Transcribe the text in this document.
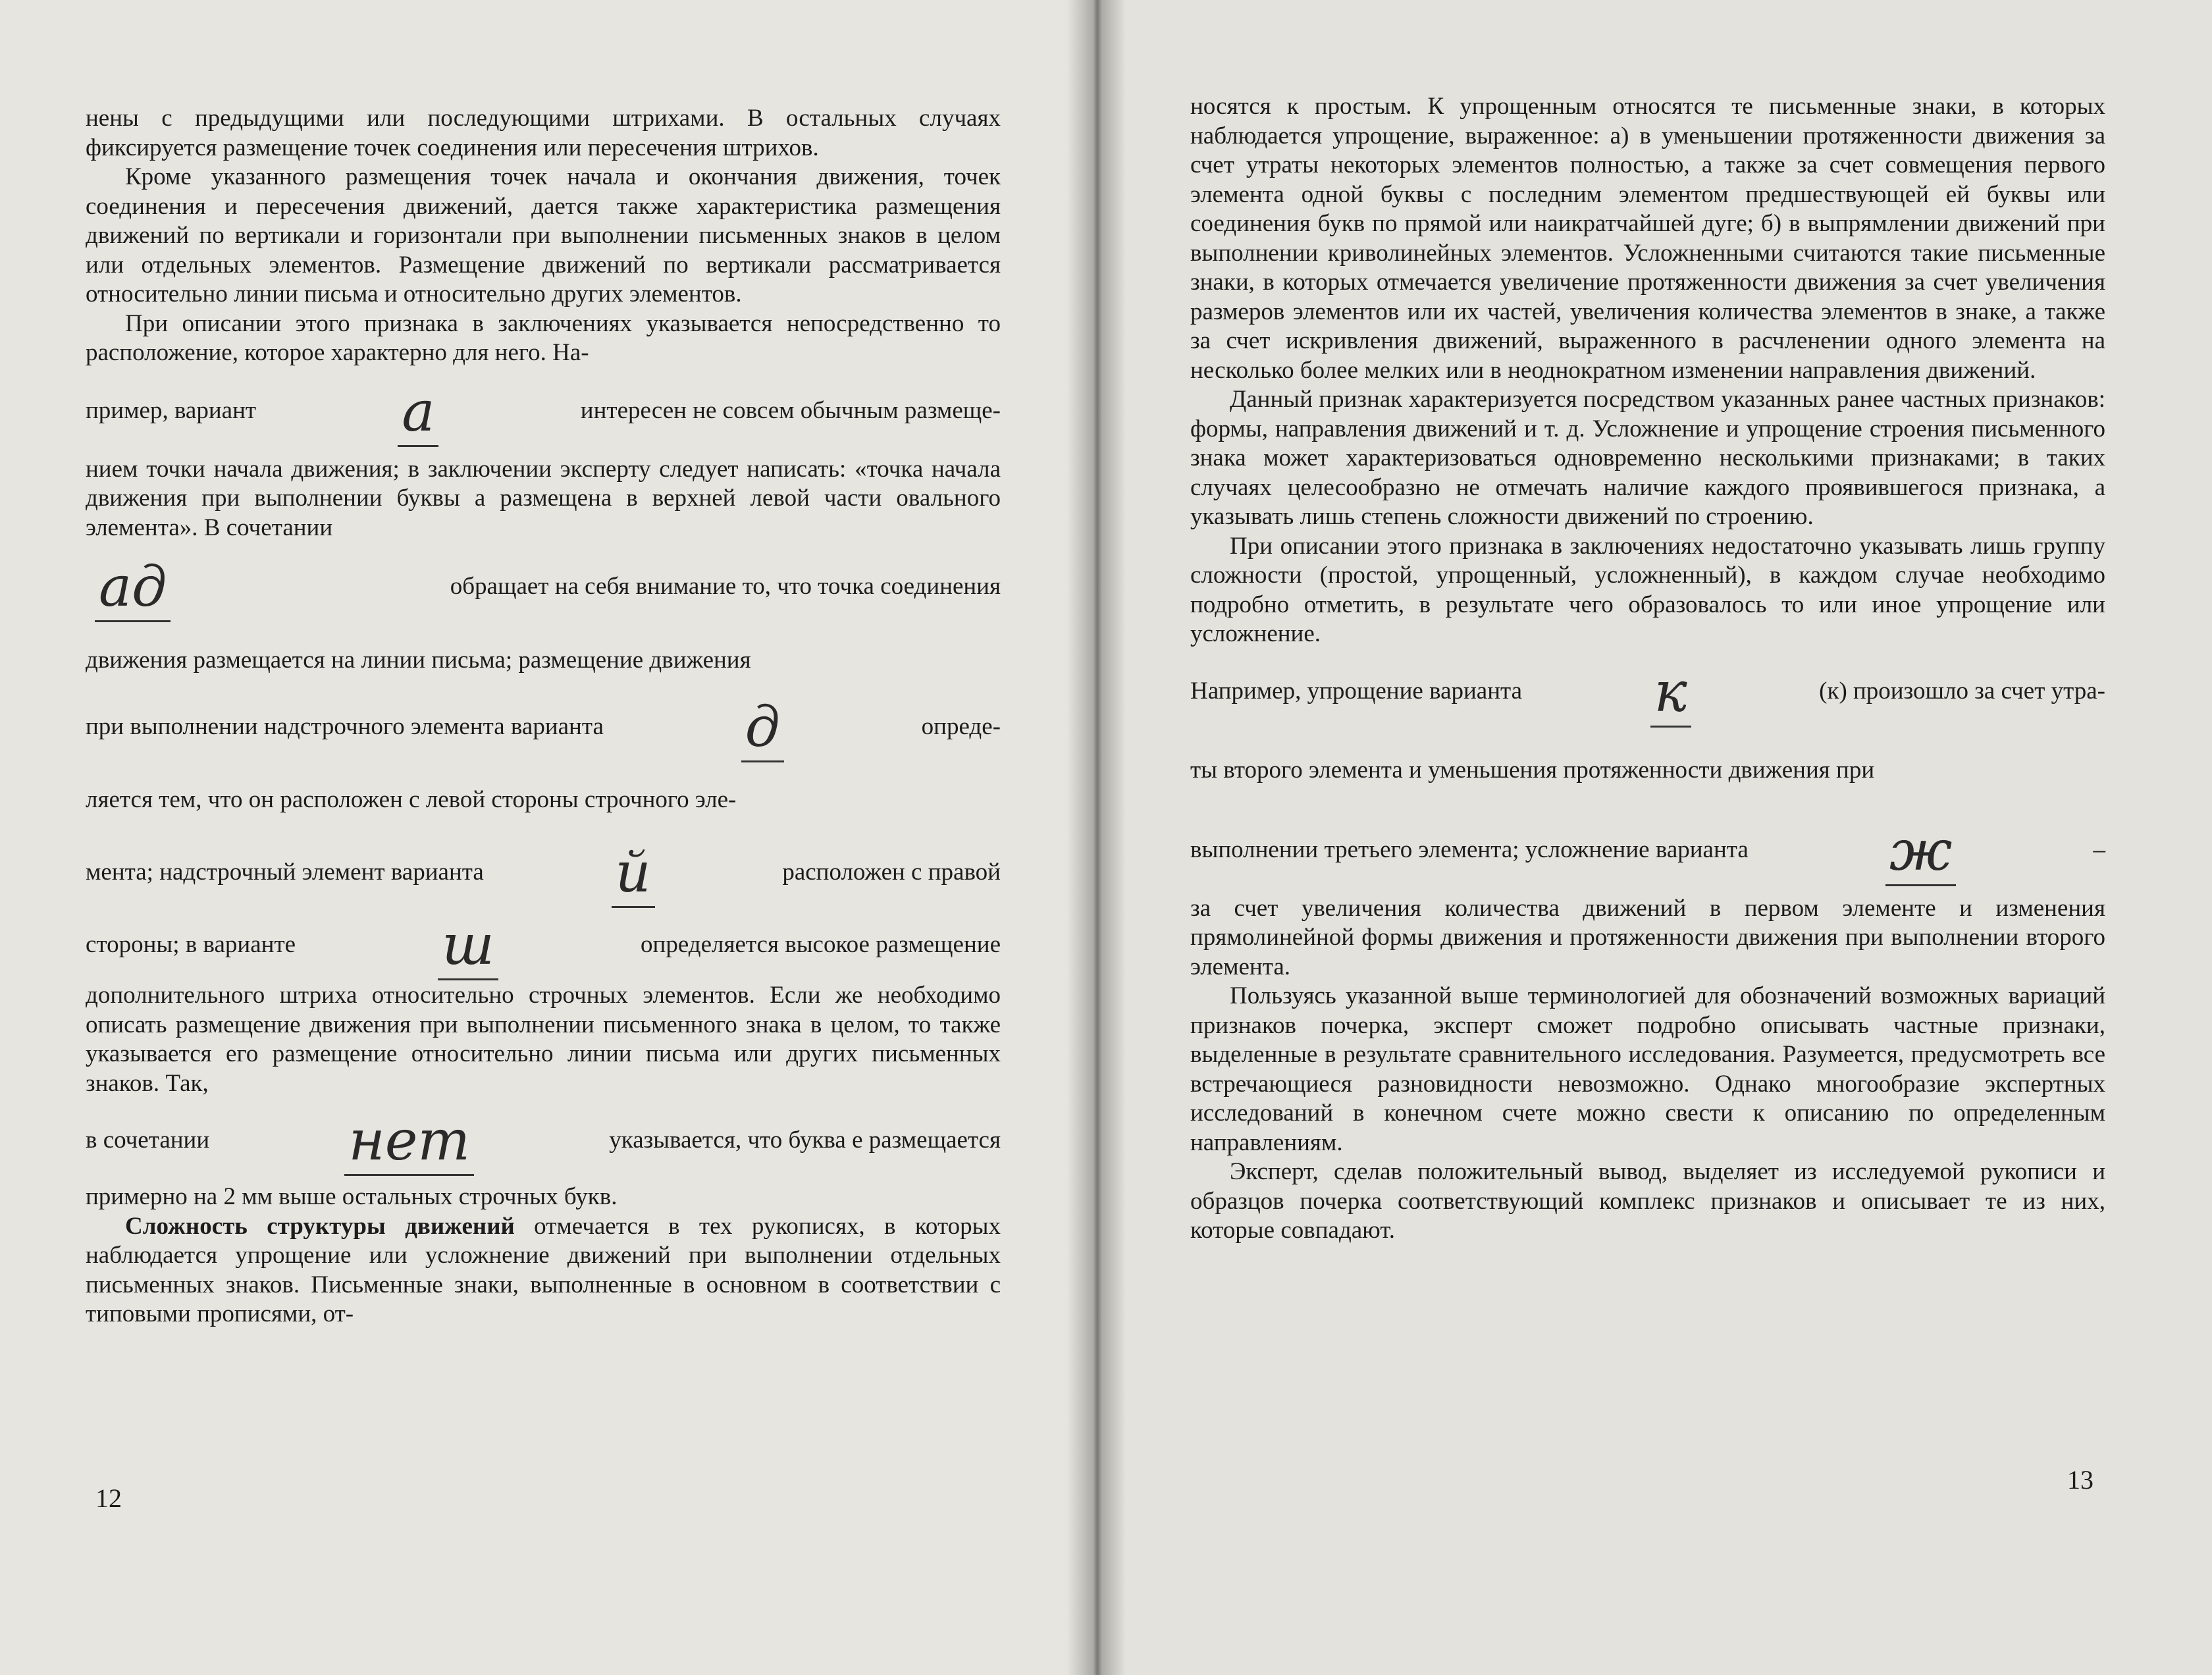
нены с предыдущими или последующими штрихами. В остальных случаях фиксируется размещение точек соединения или пересечения штрихов.

Кроме указанного размещения точек начала и окончания движения, точек соединения и пересечения движений, дается также характеристика размещения движений по вертикали и горизонтали при выполнении письменных знаков в целом или отдельных элементов. Размещение движений по вертикали рассматривается относительно линии письма и относительно других элементов.

При описании этого признака в заключениях указывается непосредственно то расположение, которое характерно для него. На-

пример, вариант	a	интересен не совсем обычным размеще-

нием точки начала движения; в заключении эксперту следует написать: «точка начала движения при выполнении буквы а размещена в верхней левой части овального элемента». В сочетании

ад	обращает на себя внимание то, что точка соединения
движения размещается на линии письма; размещение движения
при выполнении надстрочного элемента варианта	д	опреде-
ляется тем, что он расположен с левой стороны строчного эле-
мента; надстрочный элемент варианта й	расположен с правой
стороны; в варианте	ш	определяется высокое размещение

дополнительного штриха относительно строчных элементов. Если же необходимо описать размещение движения при выполнении письменного знака в целом, то также указывается его размещение относительно линии письма или других письменных знаков. Так,

в сочетании	нет	указывается, что буква е размещается

примерно на 2 мм выше остальных строчных букв.

Сложность структуры движений отмечается в тех рукописях, в которых наблюдается упрощение или усложнение движений при выполнении отдельных письменных знаков. Письменные знаки, выполненные в основном в соответствии с типовыми прописями, от-

12

носятся к простым. К упрощенным относятся те письменные знаки, в которых наблюдается упрощение, выраженное: а) в уменьшении протяженности движения за счет утраты некоторых элементов полностью, а также за счет совмещения первого элемента одной буквы с последним элементом предшествующей ей буквы или соединения букв по прямой или наикратчайшей дуге; б) в выпрямлении движений при выполнении криволинейных элементов. Усложненными считаются такие письменные знаки, в которых отмечается увеличение протяженности движения за счет увеличения размеров элементов или их частей, увеличения количества элементов в знаке, а также за счет искривления движений, выраженного в расчленении одного элемента на несколько более мелких или в неоднократном изменении направления движений.

Данный признак характеризуется посредством указанных ранее частных признаков: формы, направления движений и т. д. Усложнение и упрощение строения письменного знака может характеризоваться одновременно несколькими признаками; в таких случаях целесообразно не отмечать наличие каждого проявившегося признака, а указывать лишь степень сложности движений по строению.

При описании этого признака в заключениях недостаточно указывать лишь группу сложности (простой, упрощенный, усложненный), в каждом случае необходимо подробно отметить, в результате чего образовалось то или иное упрощение или усложнение.

Например, упрощение варианта к	(к) произошло за счет утра-
ты второго элемента и уменьшения протяженности движения при
выполнении третьего элемента; усложнение варианта	ж	–

за счет увеличения количества движений в первом элементе и изменения прямолинейной формы движения и протяженности движения при выполнении второго элемента.

Пользуясь указанной выше терминологией для обозначений возможных вариаций признаков почерка, эксперт сможет подробно описывать частные признаки, выделенные в результате сравнительного исследования. Разумеется, предусмотреть все встречающиеся разновидности невозможно. Однако многообразие экспертных исследований в конечном счете можно свести к описанию по определенным направлениям.

Эксперт, сделав положительный вывод, выделяет из исследуемой рукописи и образцов почерка соответствующий комплекс признаков и описывает те из них, которые совпадают.

13
